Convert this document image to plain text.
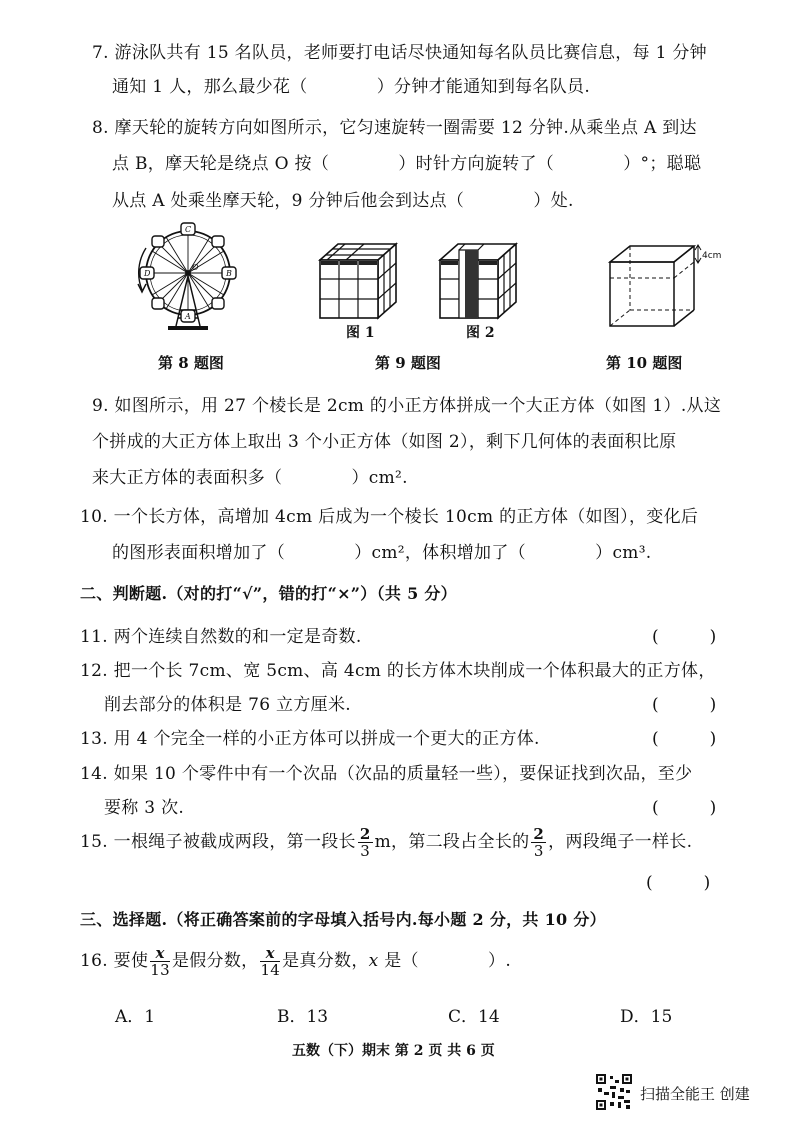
7. 游泳队共有 15 名队员，老师要打电话尽快通知每名队员比赛信息，每 1 分钟
通知 1 人，那么最少花（　　　　）分钟才能通知到每名队员.
8. 摩天轮的旋转方向如图所示，它匀速旋转一圈需要 12 分钟.从乘坐点 A 到达
点 B，摩天轮是绕点 O 按（　　　　）时针方向旋转了（　　　　）°；聪聪
从点 A 处乘坐摩天轮，9 分钟后他会到达点（　　　　）处.
C
D	B
A
O
图 1	图 2
4cm
第 8 题图	第 9 题图	第 10 题图
9. 如图所示，用 27 个棱长是 2cm 的小正方体拼成一个大正方体（如图 1）.从这
个拼成的大正方体上取出 3 个小正方体（如图 2），剩下几何体的表面积比原
来大正方体的表面积多（　　　　）cm².
10. 一个长方体，高增加 4cm 后成为一个棱长 10cm 的正方体（如图），变化后
的图形表面积增加了（　　　　）cm²，体积增加了（　　　　）cm³.
二、判断题.（对的打“√”，错的打“×”）（共 5 分）
11. 两个连续自然数的和一定是奇数.	(　　　)
12. 把一个长 7cm、宽 5cm、高 4cm 的长方体木块削成一个体积最大的正方体，
削去部分的体积是 76 立方厘米.	(　　　)
13. 用 4 个完全一样的小正方体可以拼成一个更大的正方体.	(　　　)
14. 如果 10 个零件中有一个次品（次品的质量轻一些），要保证找到次品，至少
要称 3 次.	(　　　)
15. 一根绳子被截成两段，第一段长 $\frac{2}{3}$ m，第二段占全长的 $\frac{2}{3}$ ，两段绳子一样长.
(　　　)
三、选择题.（将正确答案前的字母填入括号内.每小题 2 分，共 10 分）
16. 要使 $\frac{x}{13}$ 是假分数， $\frac{x}{14}$ 是真分数，x 是（　　　　）.
A．1	B．13	C．14	D．15
五数（下）期末 第 2 页 共 6 页
扫描全能王 创建
